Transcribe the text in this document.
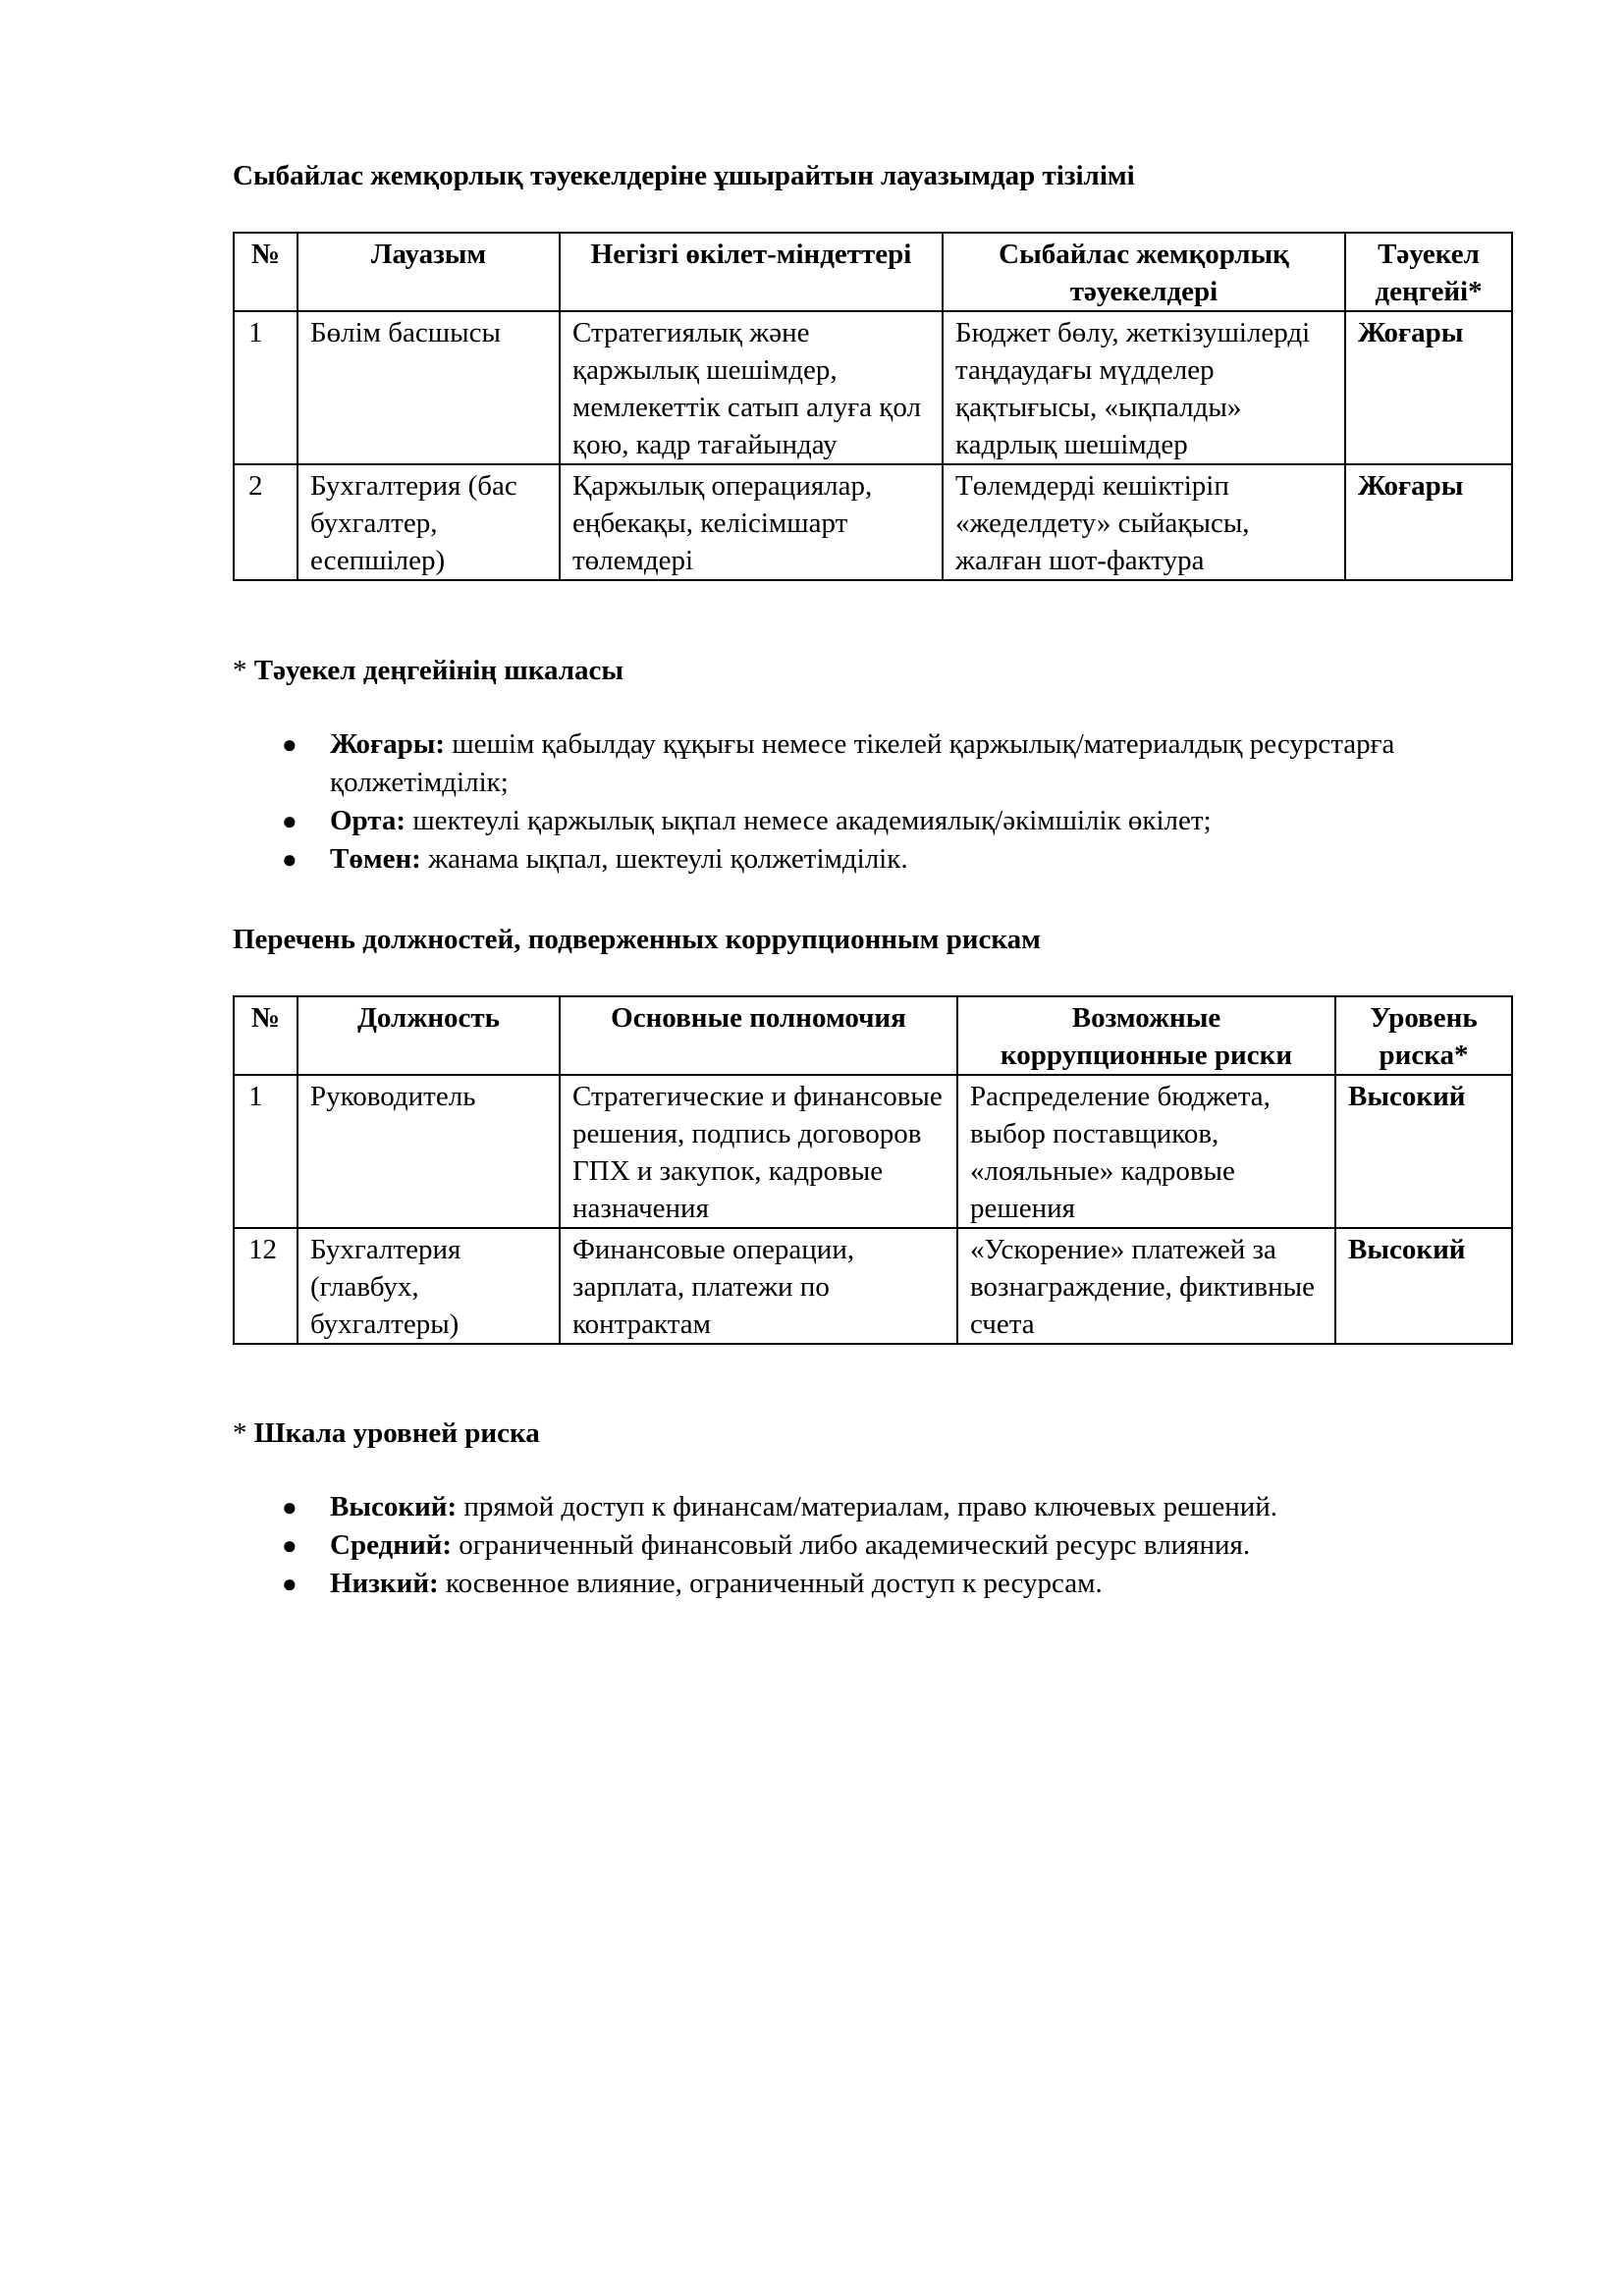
Сыбайлас жемқорлық тәуекелдеріне ұшырайтын лауазымдар тізілімі
№	Лауазым	Негізгі өкілет-міндеттері	Сыбайлас жемқорлық тәуекелдері	Тәуекел деңгейі*
1	Бөлім басшысы	Стратегиялық және қаржылық шешімдер, мемлекеттік сатып алуға қол қою, кадр тағайындау	Бюджет бөлу, жеткізушілерді таңдаудағы мүдделер қақтығысы, «ықпалды» кадрлық шешімдер	Жоғары
2	Бухгалтерия (бас бухгалтер, есепшілер)	Қаржылық операциялар, еңбекақы, келісімшарт төлемдері	Төлемдерді кешіктіріп «жеделдету» сыйақысы, жалған шот-фактура	Жоғары
* Тәуекел деңгейінің шкаласы
● Жоғары: шешім қабылдау құқығы немесе тікелей қаржылық/материалдық ресурстарға қолжетімділік;
● Орта: шектеулі қаржылық ықпал немесе академиялық/әкімшілік өкілет;
● Төмен: жанама ықпал, шектеулі қолжетімділік.
Перечень должностей, подверженных коррупционным рискам
№	Должность	Основные полномочия	Возможные коррупционные риски	Уровень риска*
1	Руководитель	Стратегические и финансовые решения, подпись договоров ГПХ и закупок, кадровые назначения	Распределение бюджета, выбор поставщиков, «лояльные» кадровые решения	Высокий
12	Бухгалтерия (главбух, бухгалтеры)	Финансовые операции, зарплата, платежи по контрактам	«Ускорение» платежей за вознаграждение, фиктивные счета	Высокий
* Шкала уровней риска
● Высокий: прямой доступ к финансам/материалам, право ключевых решений.
● Средний: ограниченный финансовый либо академический ресурс влияния.
● Низкий: косвенное влияние, ограниченный доступ к ресурсам.
